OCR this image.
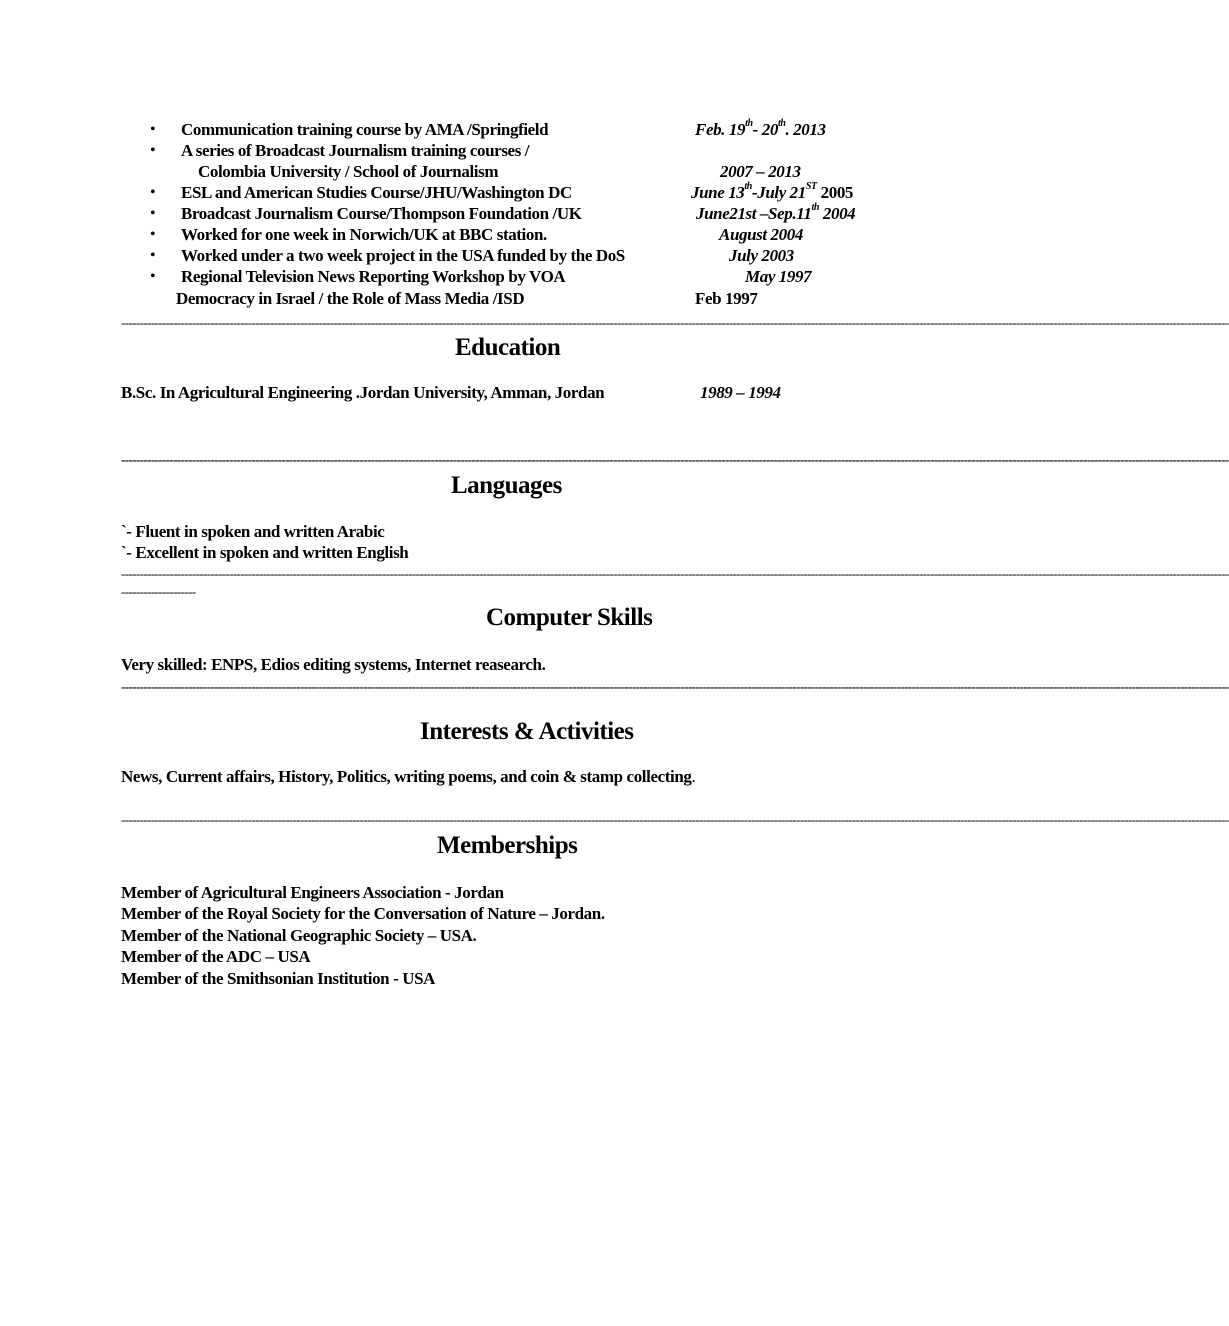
• Communication training course by AMA /Springfield	Feb. 19th- 20th. 2013
• A series of Broadcast Journalism training courses /
Colombia University / School of Journalism	2007 – 2013
• ESL and American Studies Course/JHU/Washington DC	June 13th-July 21ST 2005
• Broadcast Journalism Course/Thompson Foundation /UK	June21st –Sep.11th 2004
• Worked for one week in Norwich/UK at BBC station.	August 2004
• Worked under a two week project in the USA funded by the DoS	July 2003
• Regional Television News Reporting Workshop by VOA	May 1997
Democracy in Israel / the Role of Mass Media /ISD	Feb 1997
---------------------------------------------------------------------------------------------------------------------------------------------------------------------------------------------------------------------------------------------------------------------------------------------------------
Education
B.Sc. In Agricultural Engineering .Jordan University, Amman, Jordan	1989 – 1994
---------------------------------------------------------------------------------------------------------------------------------------------------------------------------------------------------------------------------------------------------------------------------------------------------------
Languages
`- Fluent in spoken and written Arabic
`- Excellent in spoken and written English
---------------------------------------------------------------------------------------------------------------------------------------------------------------------------------------------------------------------------------------------------------------------------------------------------------
--------------------
Computer Skills
Very skilled: ENPS, Edios editing systems, Internet reasearch.
---------------------------------------------------------------------------------------------------------------------------------------------------------------------------------------------------------------------------------------------------------------------------------------------------------
Interests & Activities
News, Current affairs, History, Politics, writing poems, and coin & stamp collecting.
---------------------------------------------------------------------------------------------------------------------------------------------------------------------------------------------------------------------------------------------------------------------------------------------------------
Memberships
Member of Agricultural Engineers Association - Jordan
Member of the Royal Society for the Conversation of Nature – Jordan.
Member of the National Geographic Society – USA.
Member of the ADC – USA
Member of the Smithsonian Institution - USA
